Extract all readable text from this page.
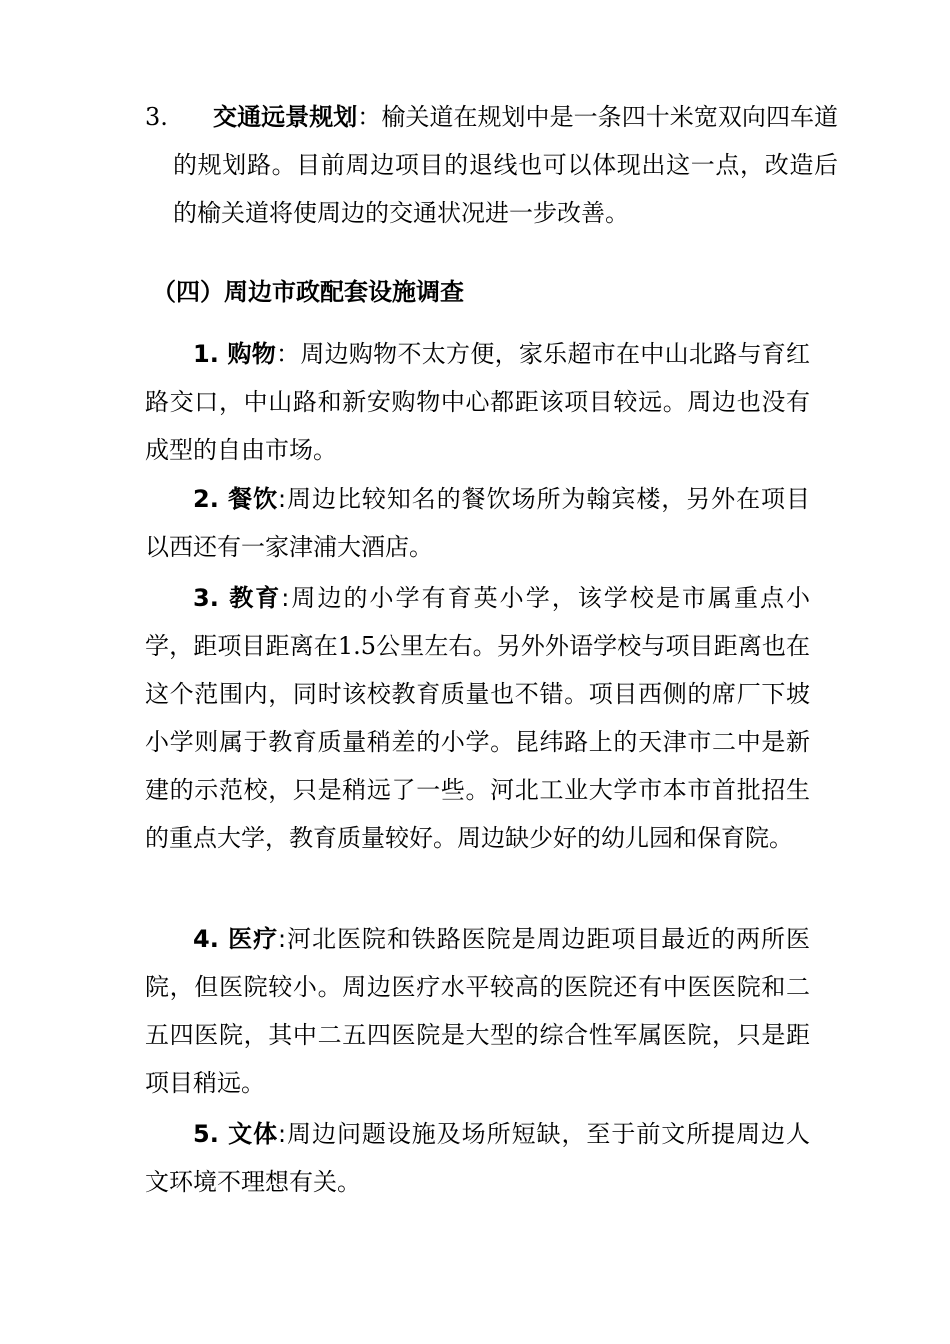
3. 交通远景规划：榆关道在规划中是一条四十米宽双向四车道的规划路。目前周边项目的退线也可以体现出这一点，改造后的榆关道将使周边的交通状况进一步改善。

（四）周边市政配套设施调查

1. 购物：周边购物不太方便，家乐超市在中山北路与育红路交口，中山路和新安购物中心都距该项目较远。周边也没有成型的自由市场。

2. 餐饮:周边比较知名的餐饮场所为翰宾楼，另外在项目以西还有一家津浦大酒店。

3. 教育:周边的小学有育英小学，该学校是市属重点小学，距项目距离在1.5公里左右。另外外语学校与项目距离也在这个范围内，同时该校教育质量也不错。项目西侧的席厂下坡小学则属于教育质量稍差的小学。昆纬路上的天津市二中是新建的示范校，只是稍远了一些。河北工业大学市本市首批招生的重点大学，教育质量较好。周边缺少好的幼儿园和保育院。

4. 医疗:河北医院和铁路医院是周边距项目最近的两所医院，但医院较小。周边医疗水平较高的医院还有中医医院和二五四医院，其中二五四医院是大型的综合性军属医院，只是距项目稍远。

5. 文体:周边问题设施及场所短缺，至于前文所提周边人文环境不理想有关。
